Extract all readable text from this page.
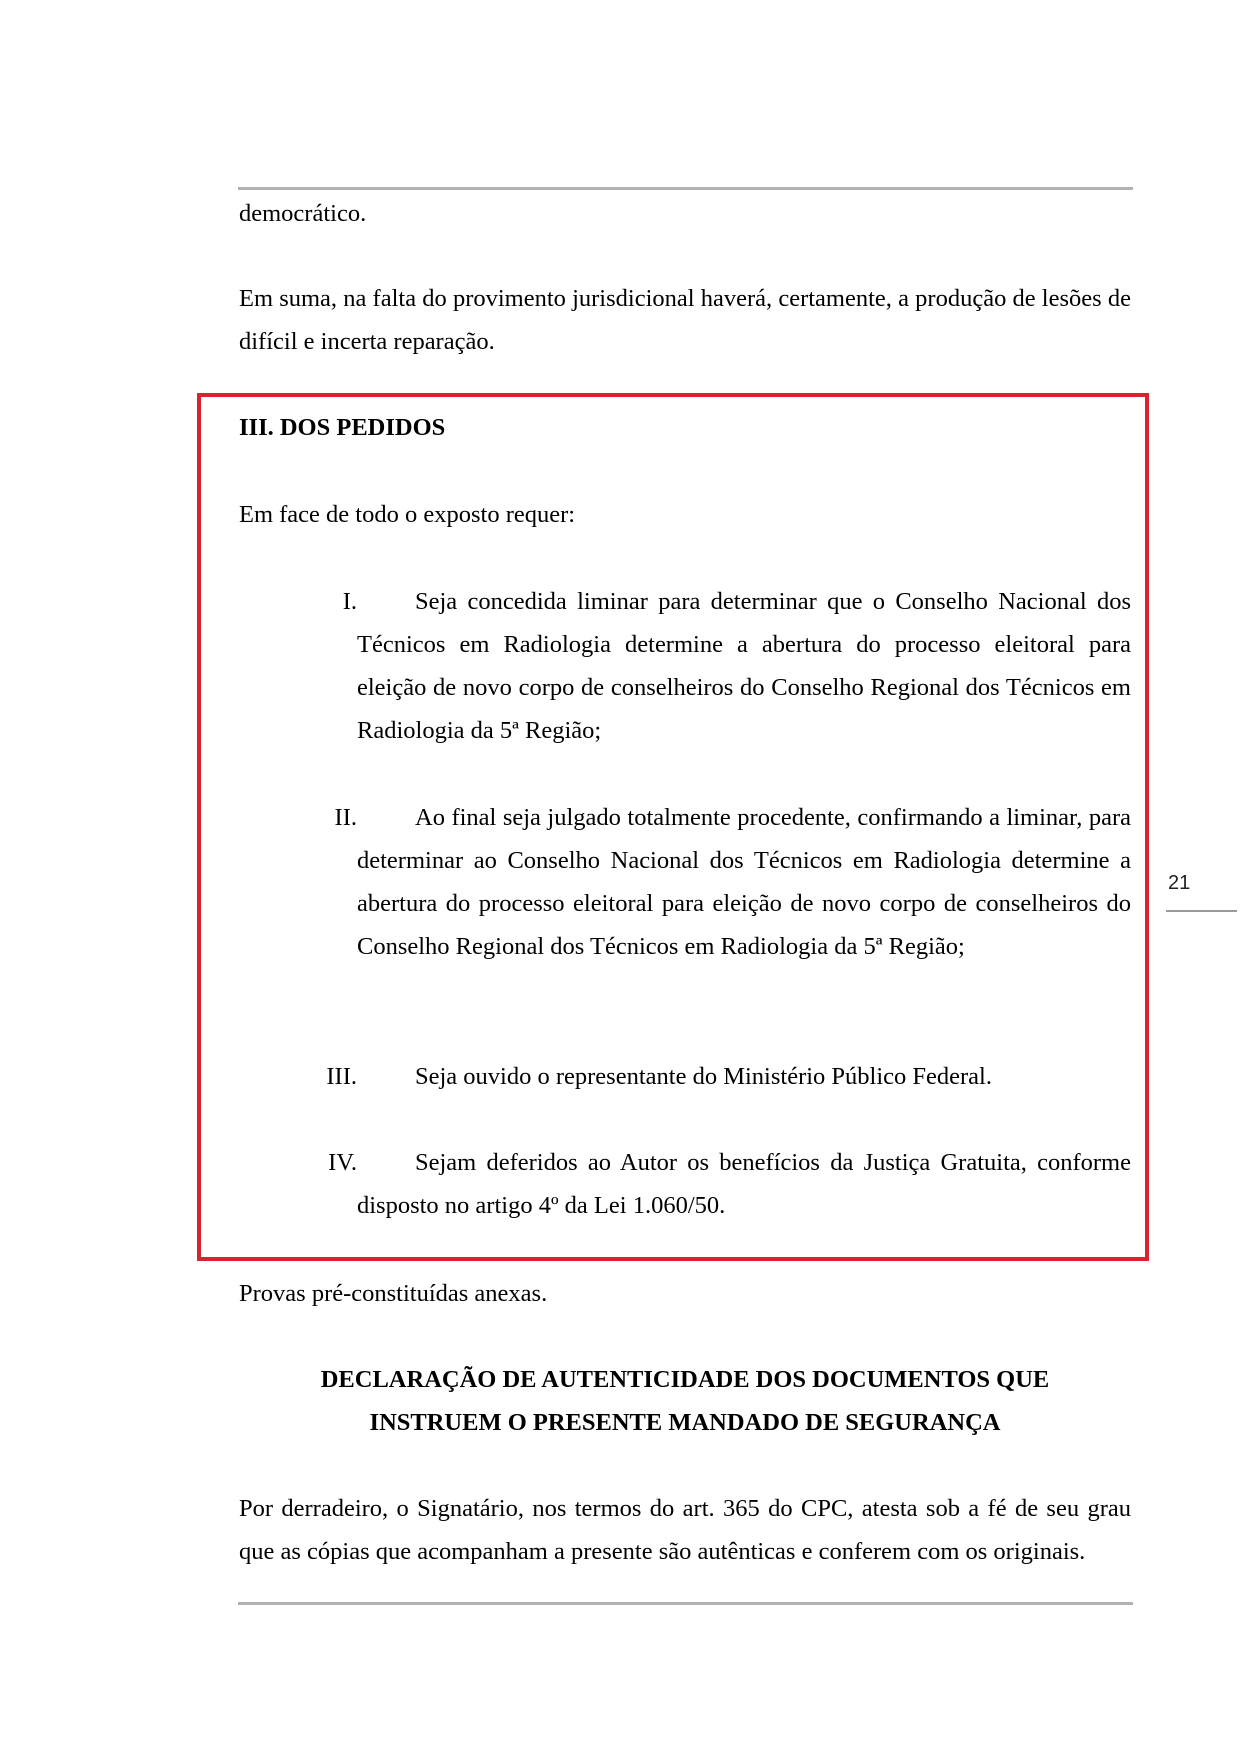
democrático.

Em suma, na falta do provimento jurisdicional haverá, certamente, a produção de lesões de difícil e incerta reparação.

III. DOS PEDIDOS

Em face de todo o exposto requer:

I.	Seja concedida liminar para determinar que o Conselho Nacional dos Técnicos em Radiologia determine a abertura do processo eleitoral para eleição de novo corpo de conselheiros do Conselho Regional dos Técnicos em Radiologia da 5ª Região;

II.	Ao final seja julgado totalmente procedente, confirmando a liminar, para determinar ao Conselho Nacional dos Técnicos em Radiologia determine a abertura do processo eleitoral para eleição de novo corpo de conselheiros do Conselho Regional dos Técnicos em Radiologia da 5ª Região;

III.	Seja ouvido o representante do Ministério Público Federal.

IV.	Sejam deferidos ao Autor os benefícios da Justiça Gratuita, conforme disposto no artigo 4º da Lei 1.060/50.

Provas pré-constituídas anexas.

DECLARAÇÃO DE AUTENTICIDADE DOS DOCUMENTOS QUE

INSTRUEM O PRESENTE MANDADO DE SEGURANÇA

Por derradeiro, o Signatário, nos termos do art. 365 do CPC, atesta sob a fé de seu grau que as cópias que acompanham a presente são autênticas e conferem com os originais.

21
